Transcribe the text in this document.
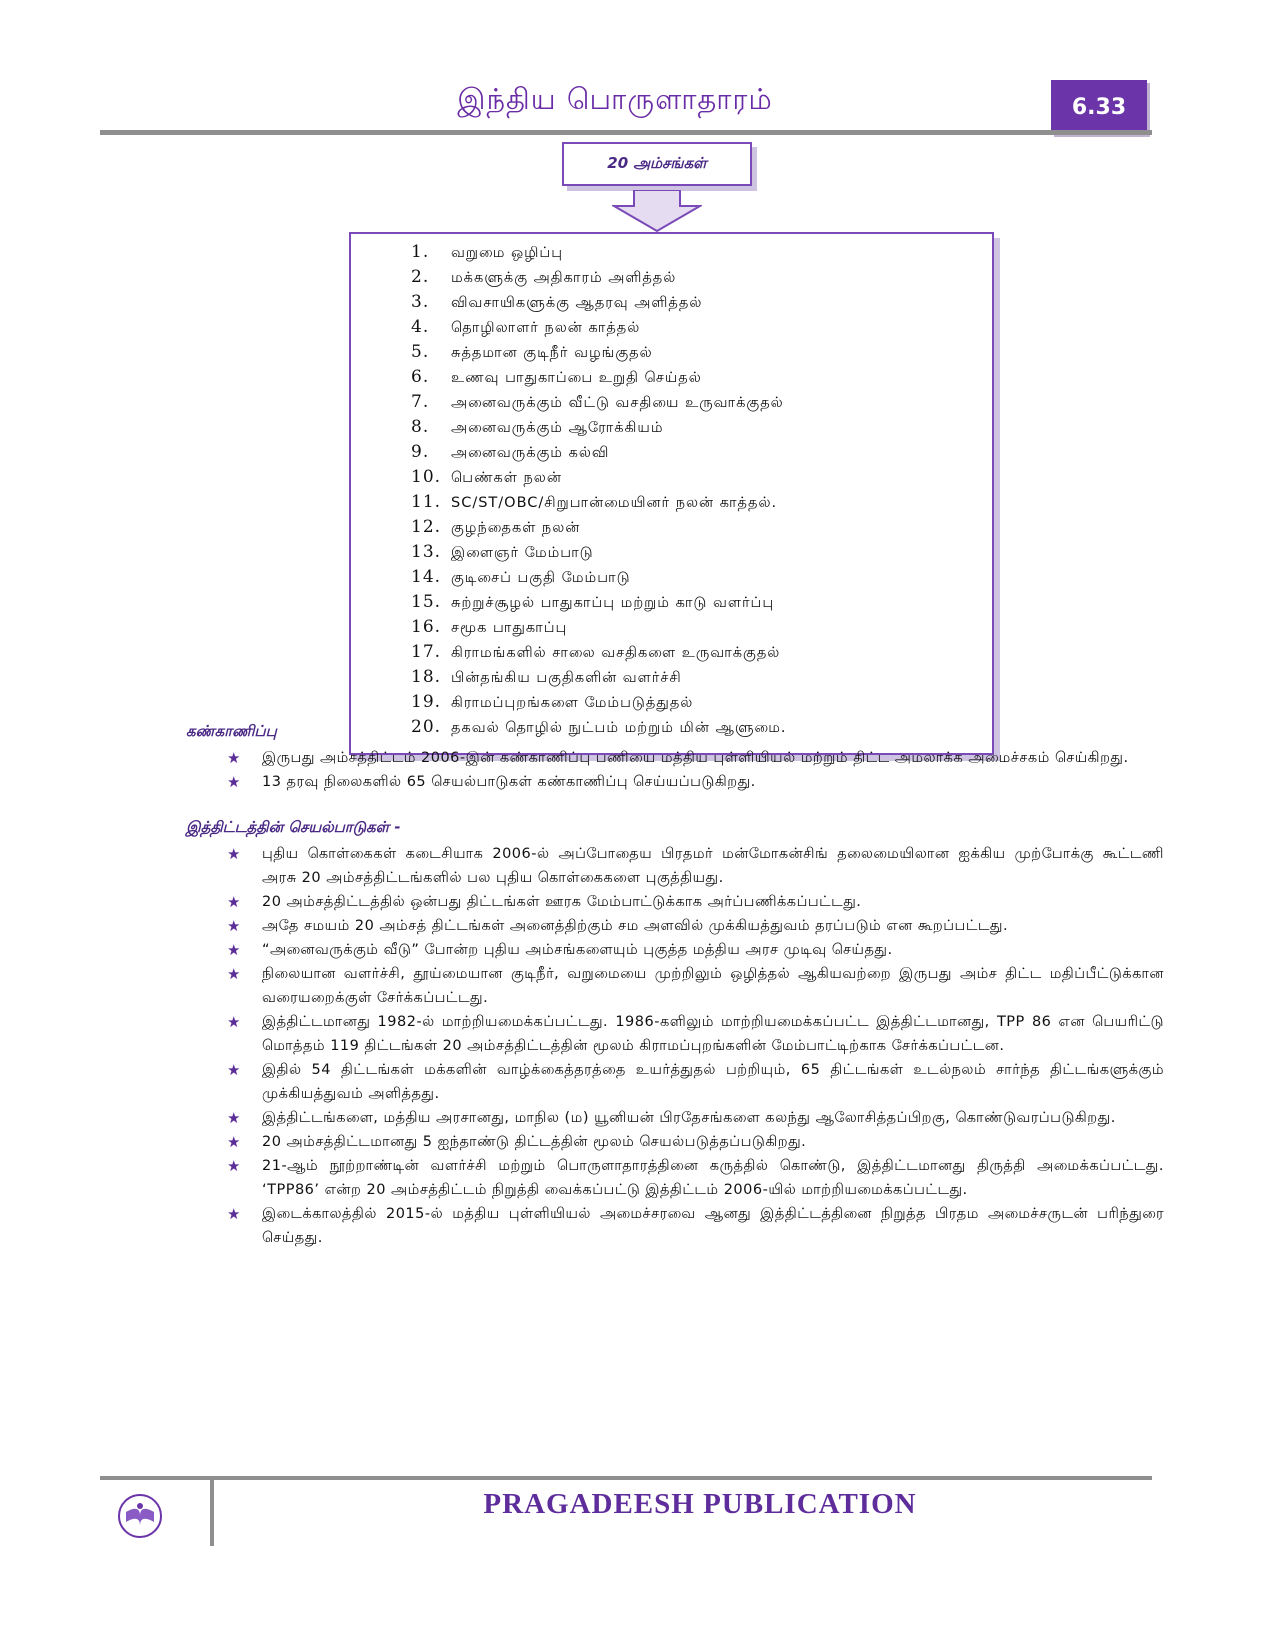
இந்திய பொருளாதாரம்	6.33
20 அம்சங்கள்
1. வறுமை ஒழிப்பு
2. மக்களுக்கு அதிகாரம் அளித்தல்
3. விவசாயிகளுக்கு ஆதரவு அளித்தல்
4. தொழிலாளர் நலன் காத்தல்
5. சுத்தமான குடிநீர் வழங்குதல்
6. உணவு பாதுகாப்பை உறுதி செய்தல்
7. அனைவருக்கும் வீட்டு வசதியை உருவாக்குதல்
8. அனைவருக்கும் ஆரோக்கியம்
9. அனைவருக்கும் கல்வி
10. பெண்கள் நலன்
11. SC/ST/OBC/சிறுபான்மையினர் நலன் காத்தல்.
12. குழந்தைகள் நலன்
13. இளைஞர் மேம்பாடு
14. குடிசைப் பகுதி மேம்பாடு
15. சுற்றுச்சூழல் பாதுகாப்பு மற்றும் காடு வளர்ப்பு
16. சமூக பாதுகாப்பு
17. கிராமங்களில் சாலை வசதிகளை உருவாக்குதல்
18. பின்தங்கிய பகுதிகளின் வளர்ச்சி
19. கிராமப்புறங்களை மேம்படுத்துதல்
20. தகவல் தொழில் நுட்பம் மற்றும் மின் ஆளுமை.
கண்காணிப்பு
★ இருபது அம்சத்திட்டம் 2006-இன் கண்காணிப்பு பணியை மத்திய புள்ளியியல் மற்றும் திட்ட அமலாக்க அமைச்சகம் செய்கிறது.
★ 13 தரவு நிலைகளில் 65 செயல்பாடுகள் கண்காணிப்பு செய்யப்படுகிறது.
இத்திட்டத்தின் செயல்பாடுகள் -
★ புதிய கொள்கைகள் கடைசியாக 2006-ல் அப்போதைய பிரதமர் மன்மோகன்சிங் தலைமையிலான ஐக்கிய முற்போக்கு கூட்டணி அரசு 20 அம்சத்திட்டங்களில் பல புதிய கொள்கைகளை புகுத்தியது.
★ 20 அம்சத்திட்டத்தில் ஒன்பது திட்டங்கள் ஊரக மேம்பாட்டுக்காக அர்ப்பணிக்கப்பட்டது.
★ அதே சமயம் 20 அம்சத் திட்டங்கள் அனைத்திற்கும் சம அளவில் முக்கியத்துவம் தரப்படும் என கூறப்பட்டது.
★ “அனைவருக்கும் வீடு” போன்ற புதிய அம்சங்களையும் புகுத்த மத்திய அரச முடிவு செய்தது.
★ நிலையான வளர்ச்சி, தூய்மையான குடிநீர், வறுமையை முற்றிலும் ஒழித்தல் ஆகியவற்றை இருபது அம்ச திட்ட மதிப்பீட்டுக்கான வரையறைக்குள் சேர்க்கப்பட்டது.
★ இத்திட்டமானது 1982-ல் மாற்றியமைக்கப்பட்டது. 1986-களிலும் மாற்றியமைக்கப்பட்ட இத்திட்டமானது, TPP 86 என பெயரிட்டு மொத்தம் 119 திட்டங்கள் 20 அம்சத்திட்டத்தின் மூலம் கிராமப்புறங்களின் மேம்பாட்டிற்காக சேர்க்கப்பட்டன.
★ இதில் 54 திட்டங்கள் மக்களின் வாழ்க்கைத்தரத்தை உயர்த்துதல் பற்றியும், 65 திட்டங்கள் உடல்நலம் சார்ந்த திட்டங்களுக்கும் முக்கியத்துவம் அளித்தது.
★ இத்திட்டங்களை, மத்திய அரசானது, மாநில (ம) யூனியன் பிரதேசங்களை கலந்து ஆலோசித்தப்பிறகு, கொண்டுவரப்படுகிறது.
★ 20 அம்சத்திட்டமானது 5 ஐந்தாண்டு திட்டத்தின் மூலம் செயல்படுத்தப்படுகிறது.
★ 21-ஆம் நூற்றாண்டின் வளர்ச்சி மற்றும் பொருளாதாரத்தினை கருத்தில் கொண்டு, இத்திட்டமானது திருத்தி அமைக்கப்பட்டது. ‘TPP86’ என்ற 20 அம்சத்திட்டம் நிறுத்தி வைக்கப்பட்டு இத்திட்டம் 2006-யில் மாற்றியமைக்கப்பட்டது.
★ இடைக்காலத்தில் 2015-ல் மத்திய புள்ளியியல் அமைச்சரவை ஆனது இத்திட்டத்தினை நிறுத்த பிரதம அமைச்சருடன் பரிந்துரை செய்தது.
PRAGADEESH PUBLICATION
